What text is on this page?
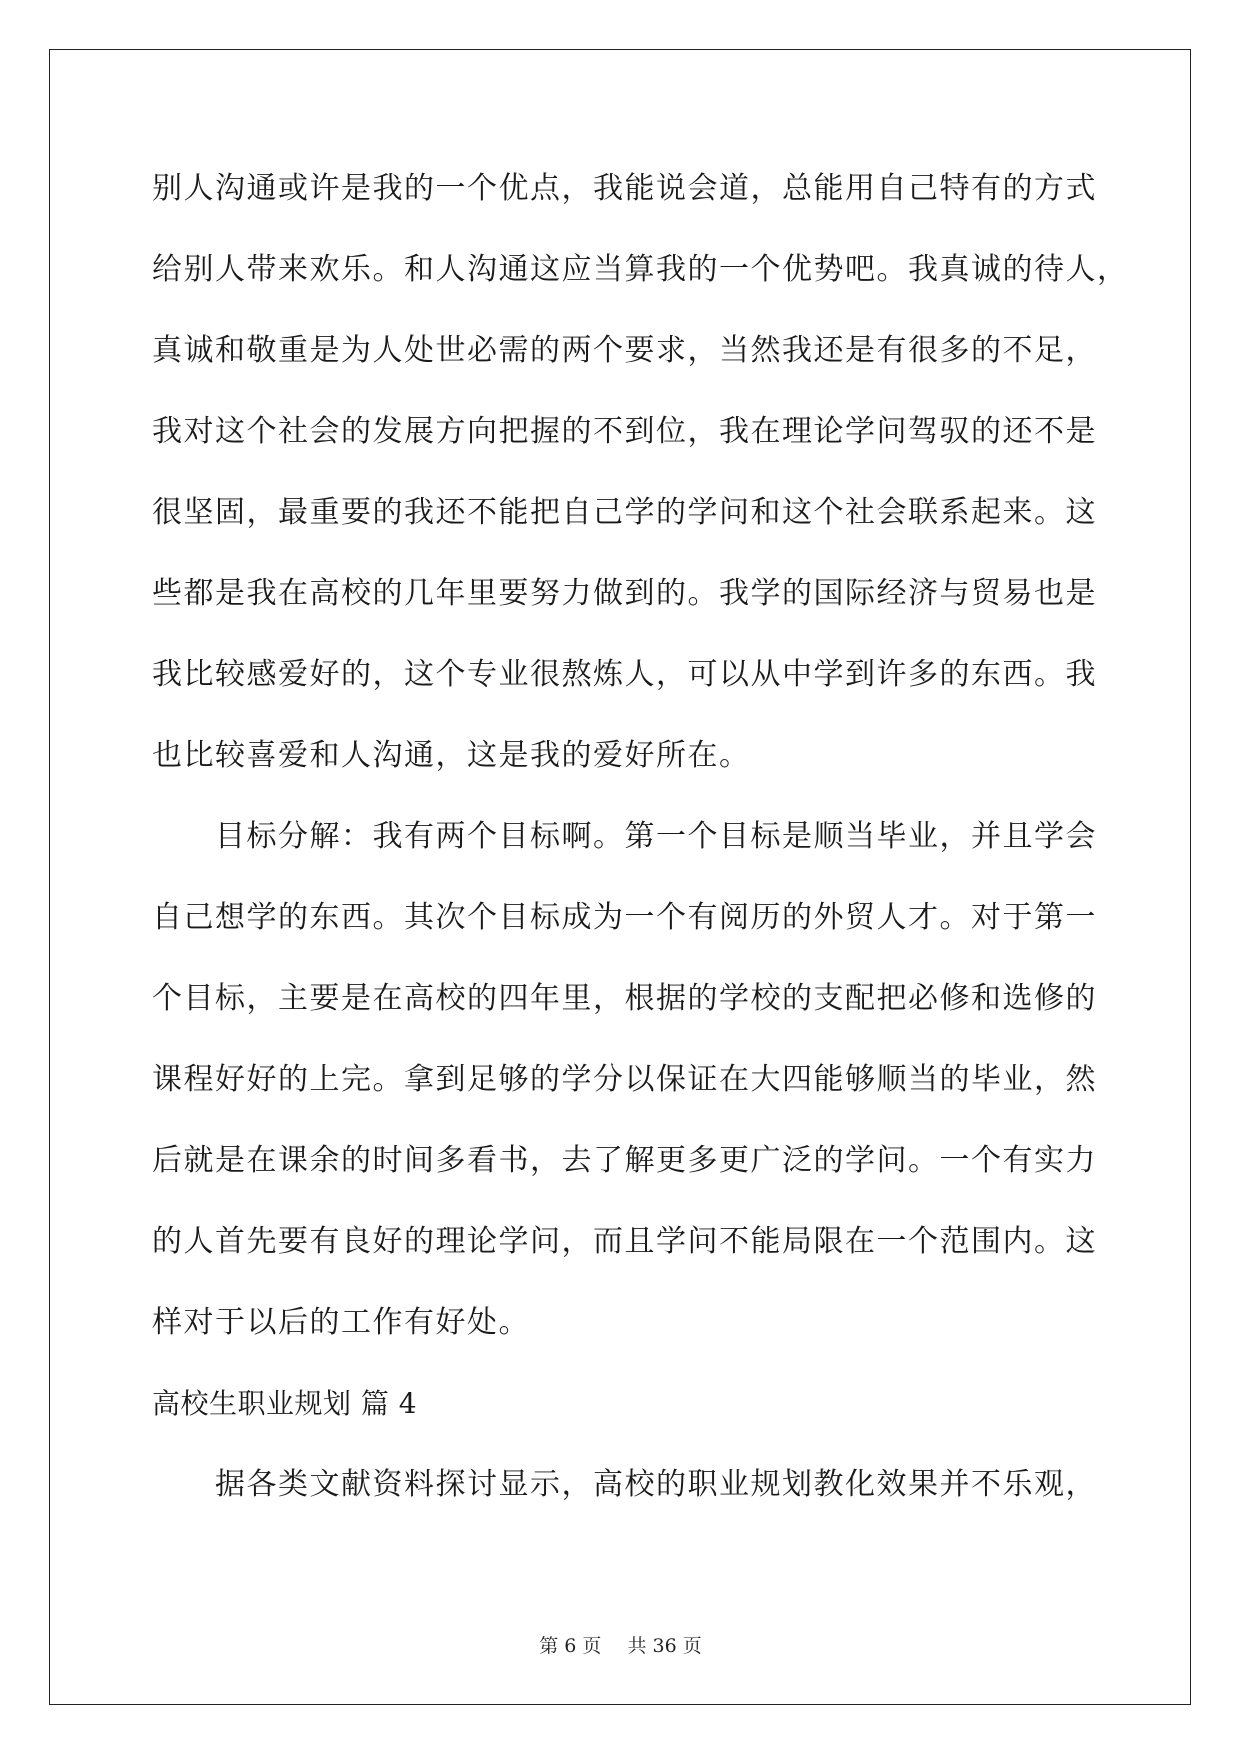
别人沟通或许是我的一个优点，我能说会道，总能用自己特有的方式
给别人带来欢乐。和人沟通这应当算我的一个优势吧。我真诚的待人，
真诚和敬重是为人处世必需的两个要求，当然我还是有很多的不足，
我对这个社会的发展方向把握的不到位，我在理论学问驾驭的还不是
很坚固，最重要的我还不能把自己学的学问和这个社会联系起来。这
些都是我在高校的几年里要努力做到的。我学的国际经济与贸易也是
我比较感爱好的，这个专业很熬炼人，可以从中学到许多的东西。我
也比较喜爱和人沟通，这是我的爱好所在。
　　目标分解：我有两个目标啊。第一个目标是顺当毕业，并且学会
自己想学的东西。其次个目标成为一个有阅历的外贸人才。对于第一
个目标，主要是在高校的四年里，根据的学校的支配把必修和选修的
课程好好的上完。拿到足够的学分以保证在大四能够顺当的毕业，然
后就是在课余的时间多看书，去了解更多更广泛的学问。一个有实力
的人首先要有良好的理论学问，而且学问不能局限在一个范围内。这
样对于以后的工作有好处。
高校生职业规划 篇 4
　　据各类文献资料探讨显示，高校的职业规划教化效果并不乐观，
第 6 页 共 36 页
